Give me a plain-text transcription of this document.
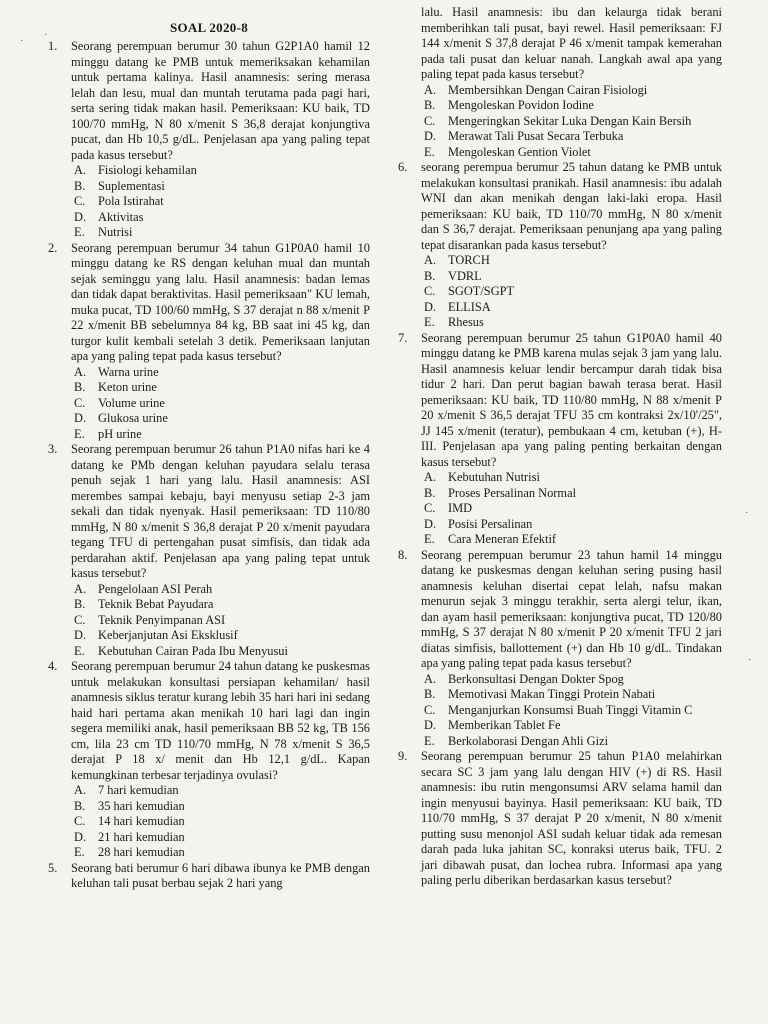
·
·
·
·
SOAL 2020-8
1. Seorang perempuan berumur 30 tahun G2P1A0 hamil 12 minggu datang ke PMB untuk memeriksakan kehamilan untuk pertama kalinya. Hasil anamnesis: sering merasa lelah dan lesu, mual dan muntah terutama pada pagi hari, serta sering tidak makan hasil. Pemeriksaan: KU baik, TD 100/70 mmHg, N 80 x/menit S 36,8 derajat konjungtiva pucat, dan Hb 10,5 g/dL. Penjelasan apa yang paling tepat pada kasus tersebut?
A. Fisiologi kehamilan
B. Suplementasi
C. Pola Istirahat
D. Aktivitas
E. Nutrisi
2. Seorang perempuan berumur 34 tahun G1P0A0 hamil 10 minggu datang ke RS dengan keluhan mual dan muntah sejak seminggu yang lalu. Hasil anamnesis: badan lemas dan tidak dapat beraktivitas. Hasil pemeriksaan" KU lemah, muka pucat, TD 100/60 mmHg, S 37 derajat n 88 x/menit P 22 x/menit BB sebelumnya 84 kg, BB saat ini 45 kg, dan turgor kulit kembali setelah 3 detik. Pemeriksaan lanjutan apa yang paling tepat pada kasus tersebut?
A. Warna urine
B. Keton urine
C. Volume urine
D. Glukosa urine
E. pH urine
3. Seorang perempuan berumur 26 tahun P1A0 nifas hari ke 4 datang ke PMb dengan keluhan payudara selalu terasa penuh sejak 1 hari yang lalu. Hasil anamnesis: ASI merembes sampai kebaju, bayi menyusu setiap 2-3 jam sekali dan tidak nyenyak. Hasil pemeriksaan: TD 110/80 mmHg, N 80 x/menit S 36,8 derajat P 20 x/menit payudara tegang TFU di pertengahan pusat simfisis, dan tidak ada perdarahan aktif. Penjelasan apa yang paling tepat untuk kasus tersebut?
A. Pengelolaan ASI Perah
B. Teknik Bebat Payudara
C. Teknik Penyimpanan ASI
D. Keberjanjutan Asi Eksklusif
E. Kebutuhan Cairan Pada Ibu Menyusui
4. Seorang perempuan berumur 24 tahun datang ke puskesmas untuk melakukan konsultasi persiapan kehamilan/ hasil anamnesis siklus teratur kurang lebih 35 hari hari ini sedang haid hari pertama akan menikah 10 hari lagi dan ingin segera memiliki anak, hasil pemeriksaan BB 52 kg, TB 156 cm, lila 23 cm TD 110/70 mmHg, N 78 x/menit S 36,5 derajat P 18 x/ menit dan Hb 12,1 g/dL. Kapan kemungkinan terbesar terjadinya ovulasi?
A. 7 hari kemudian
B. 35 hari kemudian
C. 14 hari kemudian
D. 21 hari kemudian
E. 28 hari kemudian
5. Seorang bati berumur 6 hari dibawa ibunya ke PMB dengan keluhan tali pusat berbau sejak 2 hari yang
lalu. Hasil anamnesis: ibu dan kelaurga tidak berani memberihkan tali pusat, bayi rewel. Hasil pemeriksaan: FJ 144 x/menit S 37,8 derajat P 46 x/menit tampak kemerahan pada tali pusat dan keluar nanah. Langkah awal apa yang paling tepat pada kasus tersebut?
A. Membersihkan Dengan Cairan Fisiologi
B. Mengoleskan Povidon Iodine
C. Mengeringkan Sekitar Luka Dengan Kain Bersih
D. Merawat Tali Pusat Secara Terbuka
E. Mengoleskan Gention Violet
6. seorang perempua berumur 25 tahun datang ke PMB untuk melakukan konsultasi pranikah. Hasil anamnesis: ibu adalah WNI dan akan menikah dengan laki-laki eropa. Hasil pemeriksaan: KU baik, TD 110/70 mmHg, N 80 x/menit dan S 36,7 derajat. Pemeriksaan penunjang apa yang paling tepat disarankan pada kasus tersebut?
A. TORCH
B. VDRL
C. SGOT/SGPT
D. ELLISA
E. Rhesus
7. Seorang perempuan berumur 25 tahun G1P0A0 hamil 40 minggu datang ke PMB karena mulas sejak 3 jam yang lalu. Hasil anamnesis keluar lendir bercampur darah tidak bisa tidur 2 hari. Dan perut bagian bawah terasa berat. Hasil pemeriksaan: KU baik, TD 110/80 mmHg, N 88 x/menit P 20 x/menit S 36,5 derajat TFU 35 cm kontraksi 2x/10'/25", JJ 145 x/menit (teratur), pembukaan 4 cm, ketuban (+), H-III. Penjelasan apa yang paling penting berkaitan dengan kasus tersebut?
A. Kebutuhan Nutrisi
B. Proses Persalinan Normal
C. IMD
D. Posisi Persalinan
E. Cara Meneran Efektif
8. Seorang perempuan berumur 23 tahun hamil 14 minggu datang ke puskesmas dengan keluhan sering pusing hasil anamnesis keluhan disertai cepat lelah, nafsu makan menurun sejak 3 minggu terakhir, serta alergi telur, ikan, dan ayam hasil pemeriksaan: konjungtiva pucat, TD 120/80 mmHg, S 37 derajat N 80 x/menit P 20 x/menit TFU 2 jari diatas simfisis, ballottement (+) dan Hb 10 g/dL. Tindakan apa yang paling tepat pada kasus tersebut?
A. Berkonsultasi Dengan Dokter Spog
B. Memotivasi Makan Tinggi Protein Nabati
C. Menganjurkan Konsumsi Buah Tinggi Vitamin C
D. Memberikan Tablet Fe
E. Berkolaborasi Dengan Ahli Gizi
9. Seorang perempuan berumur 25 tahun P1A0 melahirkan secara SC 3 jam yang lalu dengan HIV (+) di RS. Hasil anamnesis: ibu rutin mengonsumsi ARV selama hamil dan ingin menyusui bayinya. Hasil pemeriksaan: KU baik, TD 110/70 mmHg, S 37 derajat P 20 x/menit, N 80 x/menit putting susu menonjol ASI sudah keluar tidak ada remesan darah pada luka jahitan SC, konraksi uterus baik, TFU. 2 jari dibawah pusat, dan lochea rubra. Informasi apa yang paling perlu diberikan berdasarkan kasus tersebut?
